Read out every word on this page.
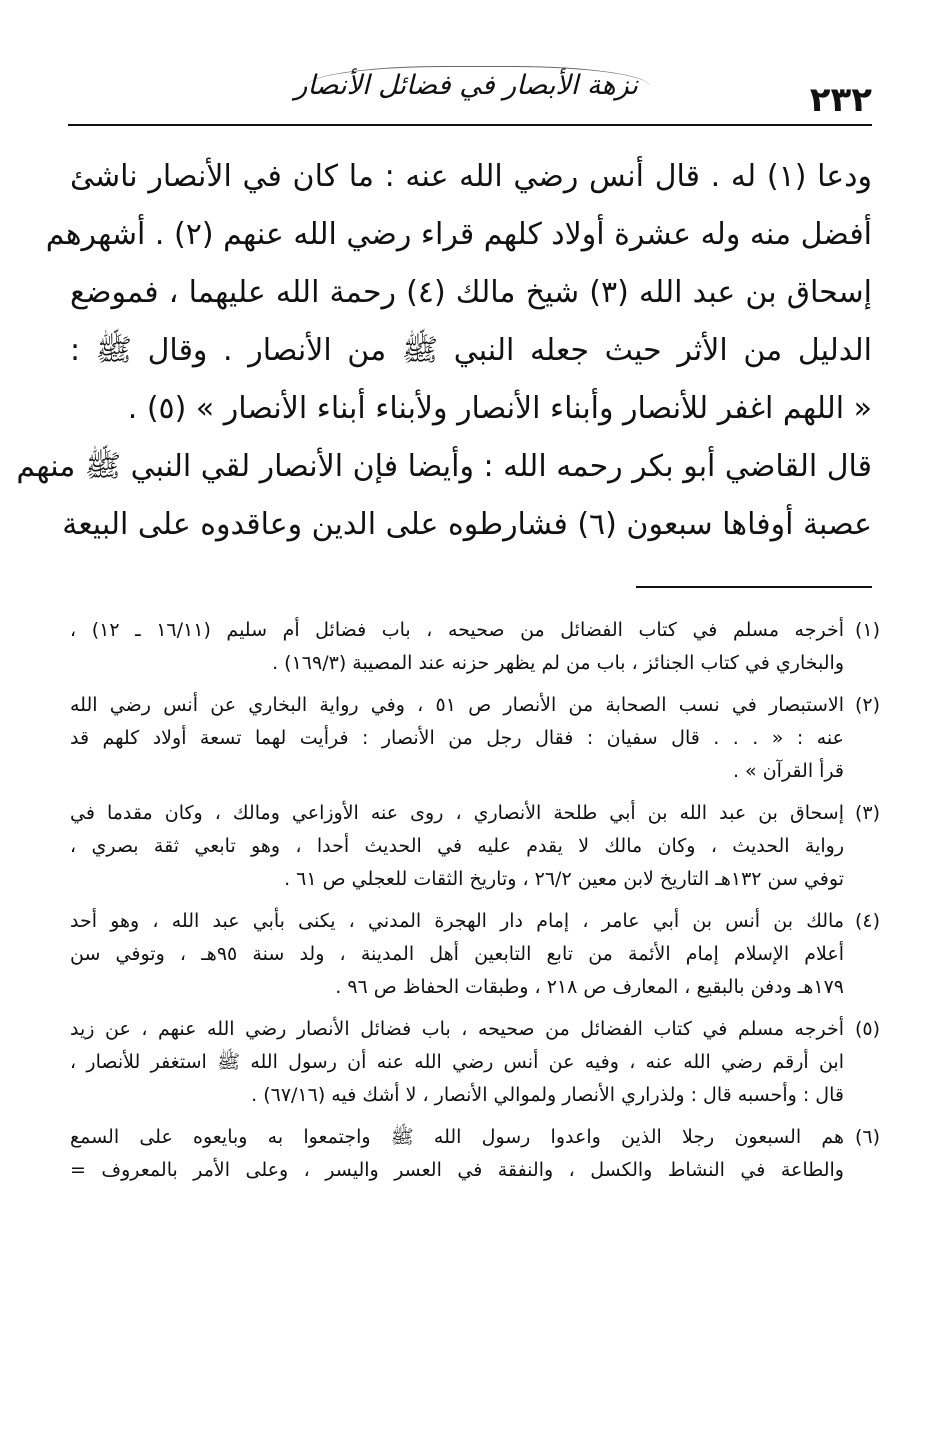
نزهة الأبصار في فضائل الأنصار	٢٣٢
ودعا (١) له . قال أنس رضي الله عنه : ما كان في الأنصار ناشئ
أفضل منه وله عشرة أولاد كلهم قراء رضي الله عنهم (٢) . أشهرهم
إسحاق بن عبد الله (٣) شيخ مالك (٤) رحمة الله عليهما ، فموضع
الدليل من الأثر حيث جعله النبي ﷺ من الأنصار . وقال ﷺ :
« اللهم اغفر للأنصار وأبناء الأنصار ولأبناء أبناء الأنصار » (٥) .
قال القاضي أبو بكر رحمه الله : وأيضا فإن الأنصار لقي النبي ﷺ منهم
عصبة أوفاها سبعون (٦) فشارطوه على الدين وعاقدوه على البيعة
(١)
أخرجه مسلم في كتاب الفضائل من صحيحه ، باب فضائل أم سليم (١٦/١١ ـ ١٢) ،
والبخاري في كتاب الجنائز ، باب من لم يظهر حزنه عند المصيبة (١٦٩/٣) .
(٢)
الاستبصار في نسب الصحابة من الأنصار ص ٥١ ، وفي رواية البخاري عن أنس رضي الله
عنه : « . . . قال سفيان : فقال رجل من الأنصار : فرأيت لهما تسعة أولاد كلهم قد
قرأ القرآن » .
(٣)
إسحاق بن عبد الله بن أبي طلحة الأنصاري ، روى عنه الأوزاعي ومالك ، وكان مقدما في
رواية الحديث ، وكان مالك لا يقدم عليه في الحديث أحدا ، وهو تابعي ثقة بصري ،
توفي سن ١٣٢هـ التاريخ لابن معين ٢٦/٢ ، وتاريخ الثقات للعجلي ص ٦١ .
(٤)
مالك بن أنس بن أبي عامر ، إمام دار الهجرة المدني ، يكنى بأبي عبد الله ، وهو أحد
أعلام الإسلام إمام الأئمة من تابع التابعين أهل المدينة ، ولد سنة ٩٥هـ ، وتوفي سن
١٧٩هـ ودفن بالبقيع ، المعارف ص ٢١٨ ، وطبقات الحفاظ ص ٩٦ .
(٥)
أخرجه مسلم في كتاب الفضائل من صحيحه ، باب فضائل الأنصار رضي الله عنهم ، عن زيد
ابن أرقم رضي الله عنه ، وفيه عن أنس رضي الله عنه أن رسول الله ﷺ استغفر للأنصار ،
قال : وأحسبه قال : ولذراري الأنصار ولموالي الأنصار ، لا أشك فيه (٦٧/١٦) .
(٦)
هم السبعون رجلا الذين واعدوا رسول الله ﷺ واجتمعوا به وبايعوه على السمع
والطاعة في النشاط والكسل ، والنفقة في العسر واليسر ، وعلى الأمر بالمعروف =
